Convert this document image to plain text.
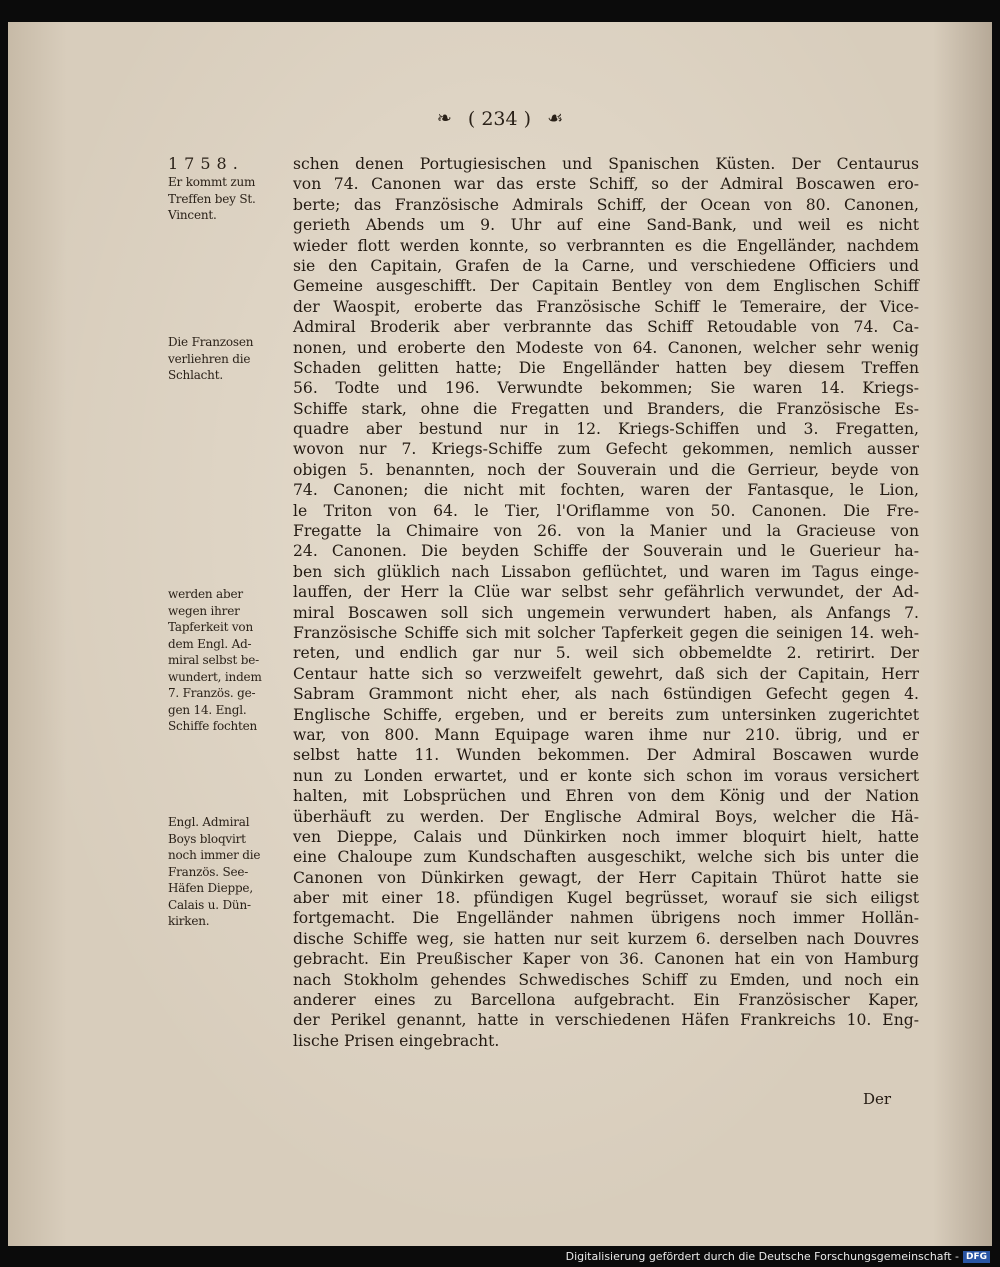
❧ ( 234 ) ☙
1758.
Er kommt zum
Treffen bey St.
Vincent.
Die Franzosen
verliehren die
Schlacht.
werden aber
wegen ihrer
Tapferkeit von
dem Engl. Ad-
miral selbst be-
wundert, indem
7. Französ. ge-
gen 14. Engl.
Schiffe fochten
Engl. Admiral
Boys bloqvirt
noch immer die
Französ. See-
Häfen Dieppe,
Calais u. Dün-
kirken.
schen denen Portugiesischen und Spanischen Küsten. Der Centaurus
von 74. Canonen war das erste Schiff, so der Admiral Boscawen ero-
berte; das Französische Admirals Schiff, der Ocean von 80. Canonen,
gerieth Abends um 9. Uhr auf eine Sand-Bank, und weil es nicht
wieder flott werden konnte, so verbrannten es die Engelländer, nachdem
sie den Capitain, Grafen de la Carne, und verschiedene Officiers und
Gemeine ausgeschifft. Der Capitain Bentley von dem Englischen Schiff
der Waospit, eroberte das Französische Schiff le Temeraire, der Vice-
Admiral Broderik aber verbrannte das Schiff Retoudable von 74. Ca-
nonen, und eroberte den Modeste von 64. Canonen, welcher sehr wenig
Schaden gelitten hatte; Die Engelländer hatten bey diesem Treffen
56. Todte und 196. Verwundte bekommen; Sie waren 14. Kriegs-
Schiffe stark, ohne die Fregatten und Branders, die Französische Es-
quadre aber bestund nur in 12. Kriegs-Schiffen und 3. Fregatten,
wovon nur 7. Kriegs-Schiffe zum Gefecht gekommen, nemlich ausser
obigen 5. benannten, noch der Souverain und die Gerrieur, beyde von
74. Canonen; die nicht mit fochten, waren der Fantasque, le Lion,
le Triton von 64. le Tier, l'Oriflamme von 50. Canonen. Die Fre-
Fregatte la Chimaire von 26. von la Manier und la Gracieuse von
24. Canonen. Die beyden Schiffe der Souverain und le Guerieur ha-
ben sich glüklich nach Lissabon geflüchtet, und waren im Tagus einge-
lauffen, der Herr la Clüe war selbst sehr gefährlich verwundet, der Ad-
miral Boscawen soll sich ungemein verwundert haben, als Anfangs 7.
Französische Schiffe sich mit solcher Tapferkeit gegen die seinigen 14. weh-
reten, und endlich gar nur 5. weil sich obbemeldte 2. retirirt. Der
Centaur hatte sich so verzweifelt gewehrt, daß sich der Capitain, Herr
Sabram Grammont nicht eher, als nach 6stündigen Gefecht gegen 4.
Englische Schiffe, ergeben, und er bereits zum untersinken zugerichtet
war, von 800. Mann Equipage waren ihme nur 210. übrig, und er
selbst hatte 11. Wunden bekommen. Der Admiral Boscawen wurde
nun zu Londen erwartet, und er konte sich schon im voraus versichert
halten, mit Lobsprüchen und Ehren von dem König und der Nation
überhäuft zu werden. Der Englische Admiral Boys, welcher die Hä-
ven Dieppe, Calais und Dünkirken noch immer bloquirt hielt, hatte
eine Chaloupe zum Kundschaften ausgeschikt, welche sich bis unter die
Canonen von Dünkirken gewagt, der Herr Capitain Thürot hatte sie
aber mit einer 18. pfündigen Kugel begrüsset, worauf sie sich eiligst
fortgemacht. Die Engelländer nahmen übrigens noch immer Hollän-
dische Schiffe weg, sie hatten nur seit kurzem 6. derselben nach Douvres
gebracht. Ein Preußischer Kaper von 36. Canonen hat ein von Hamburg
nach Stokholm gehendes Schwedisches Schiff zu Emden, und noch ein
anderer eines zu Barcellona aufgebracht. Ein Französischer Kaper,
der Perikel genannt, hatte in verschiedenen Häfen Frankreichs 10. Eng-
lische Prisen eingebracht.
Der
Digitalisierung gefördert durch die Deutsche Forschungsgemeinschaft - DFG
